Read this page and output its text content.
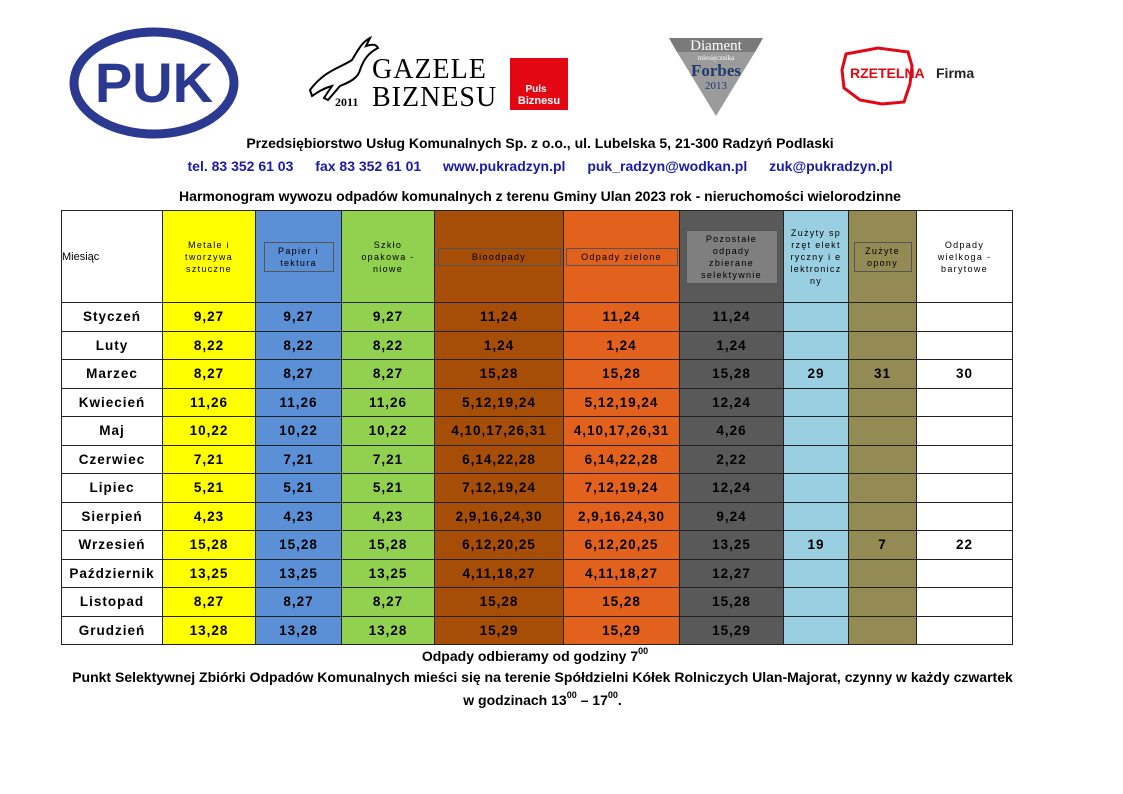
PUK	2011
GAZELE
BIZNESU	Puls
Biznesu
Diament
miesięcznika
Forbes
2013
RZETELNA Firma
Przedsiębiorstwo Usług Komunalnych Sp. z o.o., ul. Lubelska 5, 21-300 Radzyń Podlaski
tel. 83 352 61 03 fax 83 352 61 01 www.pukradzyn.pl puk_radzyn@wodkan.pl zuk@pukradzyn.pl
Harmonogram wywozu odpadów komunalnych z terenu Gminy Ulan 2023 rok - nieruchomości wielorodzinne
Miesiąc	Metale i tworzywa sztuczne	Papier i tektura	Szkło opakowa - niowe	Bioodpady	Odpady zielone	Pozostałe odpady zbierane selektywnie	Zużyty sprzęt elektryczny i elektroniczny	Zużyte opony	Odpady wielkoga - barytowe
Styczeń	9,27	9,27	9,27	11,24	11,24	11,24			
Luty	8,22	8,22	8,22	1,24	1,24	1,24			
Marzec	8,27	8,27	8,27	15,28	15,28	15,28	29	31	30
Kwiecień	11,26	11,26	11,26	5,12,19,24	5,12,19,24	12,24			
Maj	10,22	10,22	10,22	4,10,17,26,31	4,10,17,26,31	4,26			
Czerwiec	7,21	7,21	7,21	6,14,22,28	6,14,22,28	2,22			
Lipiec	5,21	5,21	5,21	7,12,19,24	7,12,19,24	12,24			
Sierpień	4,23	4,23	4,23	2,9,16,24,30	2,9,16,24,30	9,24			
Wrzesień	15,28	15,28	15,28	6,12,20,25	6,12,20,25	13,25	19	7	22
Październik	13,25	13,25	13,25	4,11,18,27	4,11,18,27	12,27			
Listopad	8,27	8,27	8,27	15,28	15,28	15,28			
Grudzień	13,28	13,28	13,28	15,29	15,29	15,29			
Odpady odbieramy od godziny $7^{00}$
Punkt Selektywnej Zbiórki Odpadów Komunalnych mieści się na terenie Spółdzielni Kółek Rolniczych Ulan-Majorat, czynny w każdy czwartek
w godzinach $13^{00} - 17^{00}$.
